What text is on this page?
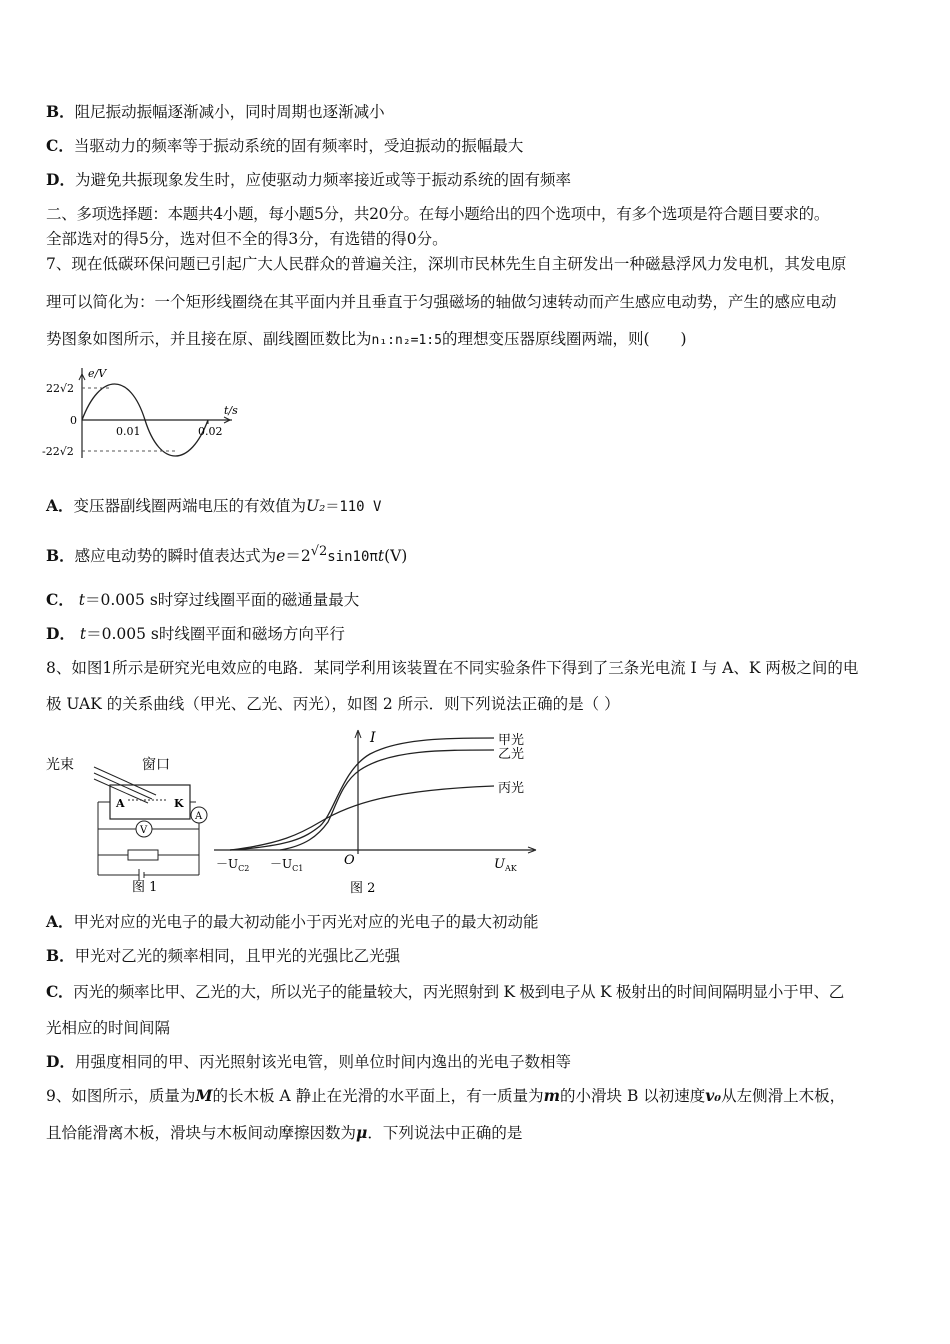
B．阻尼振动振幅逐渐减小，同时周期也逐渐减小
C．当驱动力的频率等于振动系统的固有频率时，受迫振动的振幅最大
D．为避免共振现象发生时，应使驱动力频率接近或等于振动系统的固有频率
二、多项选择题：本题共4小题，每小题5分，共20分。在每小题给出的四个选项中，有多个选项是符合题目要求的。
全部选对的得5分，选对但不全的得3分，有选错的得0分。
7、现在低碳环保问题已引起广大人民群众的普遍关注，深圳市民林先生自主研发出一种磁悬浮风力发电机，其发电原
理可以简化为：一个矩形线圈绕在其平面内并且垂直于匀强磁场的轴做匀速转动而产生感应电动势，产生的感应电动
势图象如图所示，并且接在原、副线圈匝数比为n₁:n₂=1:5的理想变压器原线圈两端，则(　　)
e/V
t/s
22√2
0
-22√2
0.01	0.02
A．变压器副线圈两端电压的有效值为U₂＝110 V
B．感应电动势的瞬时值表达式为$e=2^{√2}\sin 10\pi t(V)$
C． t＝0.005 s时穿过线圈平面的磁通量最大
D． t＝0.005 s时线圈平面和磁场方向平行
8、如图1所示是研究光电效应的电路．某同学利用该装置在不同实验条件下得到了三条光电流 I 与 A、K 两极之间的电
极 UAK 的关系曲线（甲光、乙光、丙光），如图 2 所示．则下列说法正确的是（ ）
光束	窗口
A	K
A
V
图 1
I	甲光
乙光
丙光
$-U_{C2} -U_{C1}$
O	$U_{AK}$
图 2
A．甲光对应的光电子的最大初动能小于丙光对应的光电子的最大初动能
B．甲光对乙光的频率相同，且甲光的光强比乙光强
C．丙光的频率比甲、乙光的大，所以光子的能量较大，丙光照射到 K 极到电子从 K 极射出的时间间隔明显小于甲、乙
光相应的时间间隔
D．用强度相同的甲、丙光照射该光电管，则单位时间内逸出的光电子数相等
9、如图所示，质量为M的长木板 A 静止在光滑的水平面上，有一质量为m的小滑块 B 以初速度v₀从左侧滑上木板，
且恰能滑离木板，滑块与木板间动摩擦因数为μ．下列说法中正确的是
